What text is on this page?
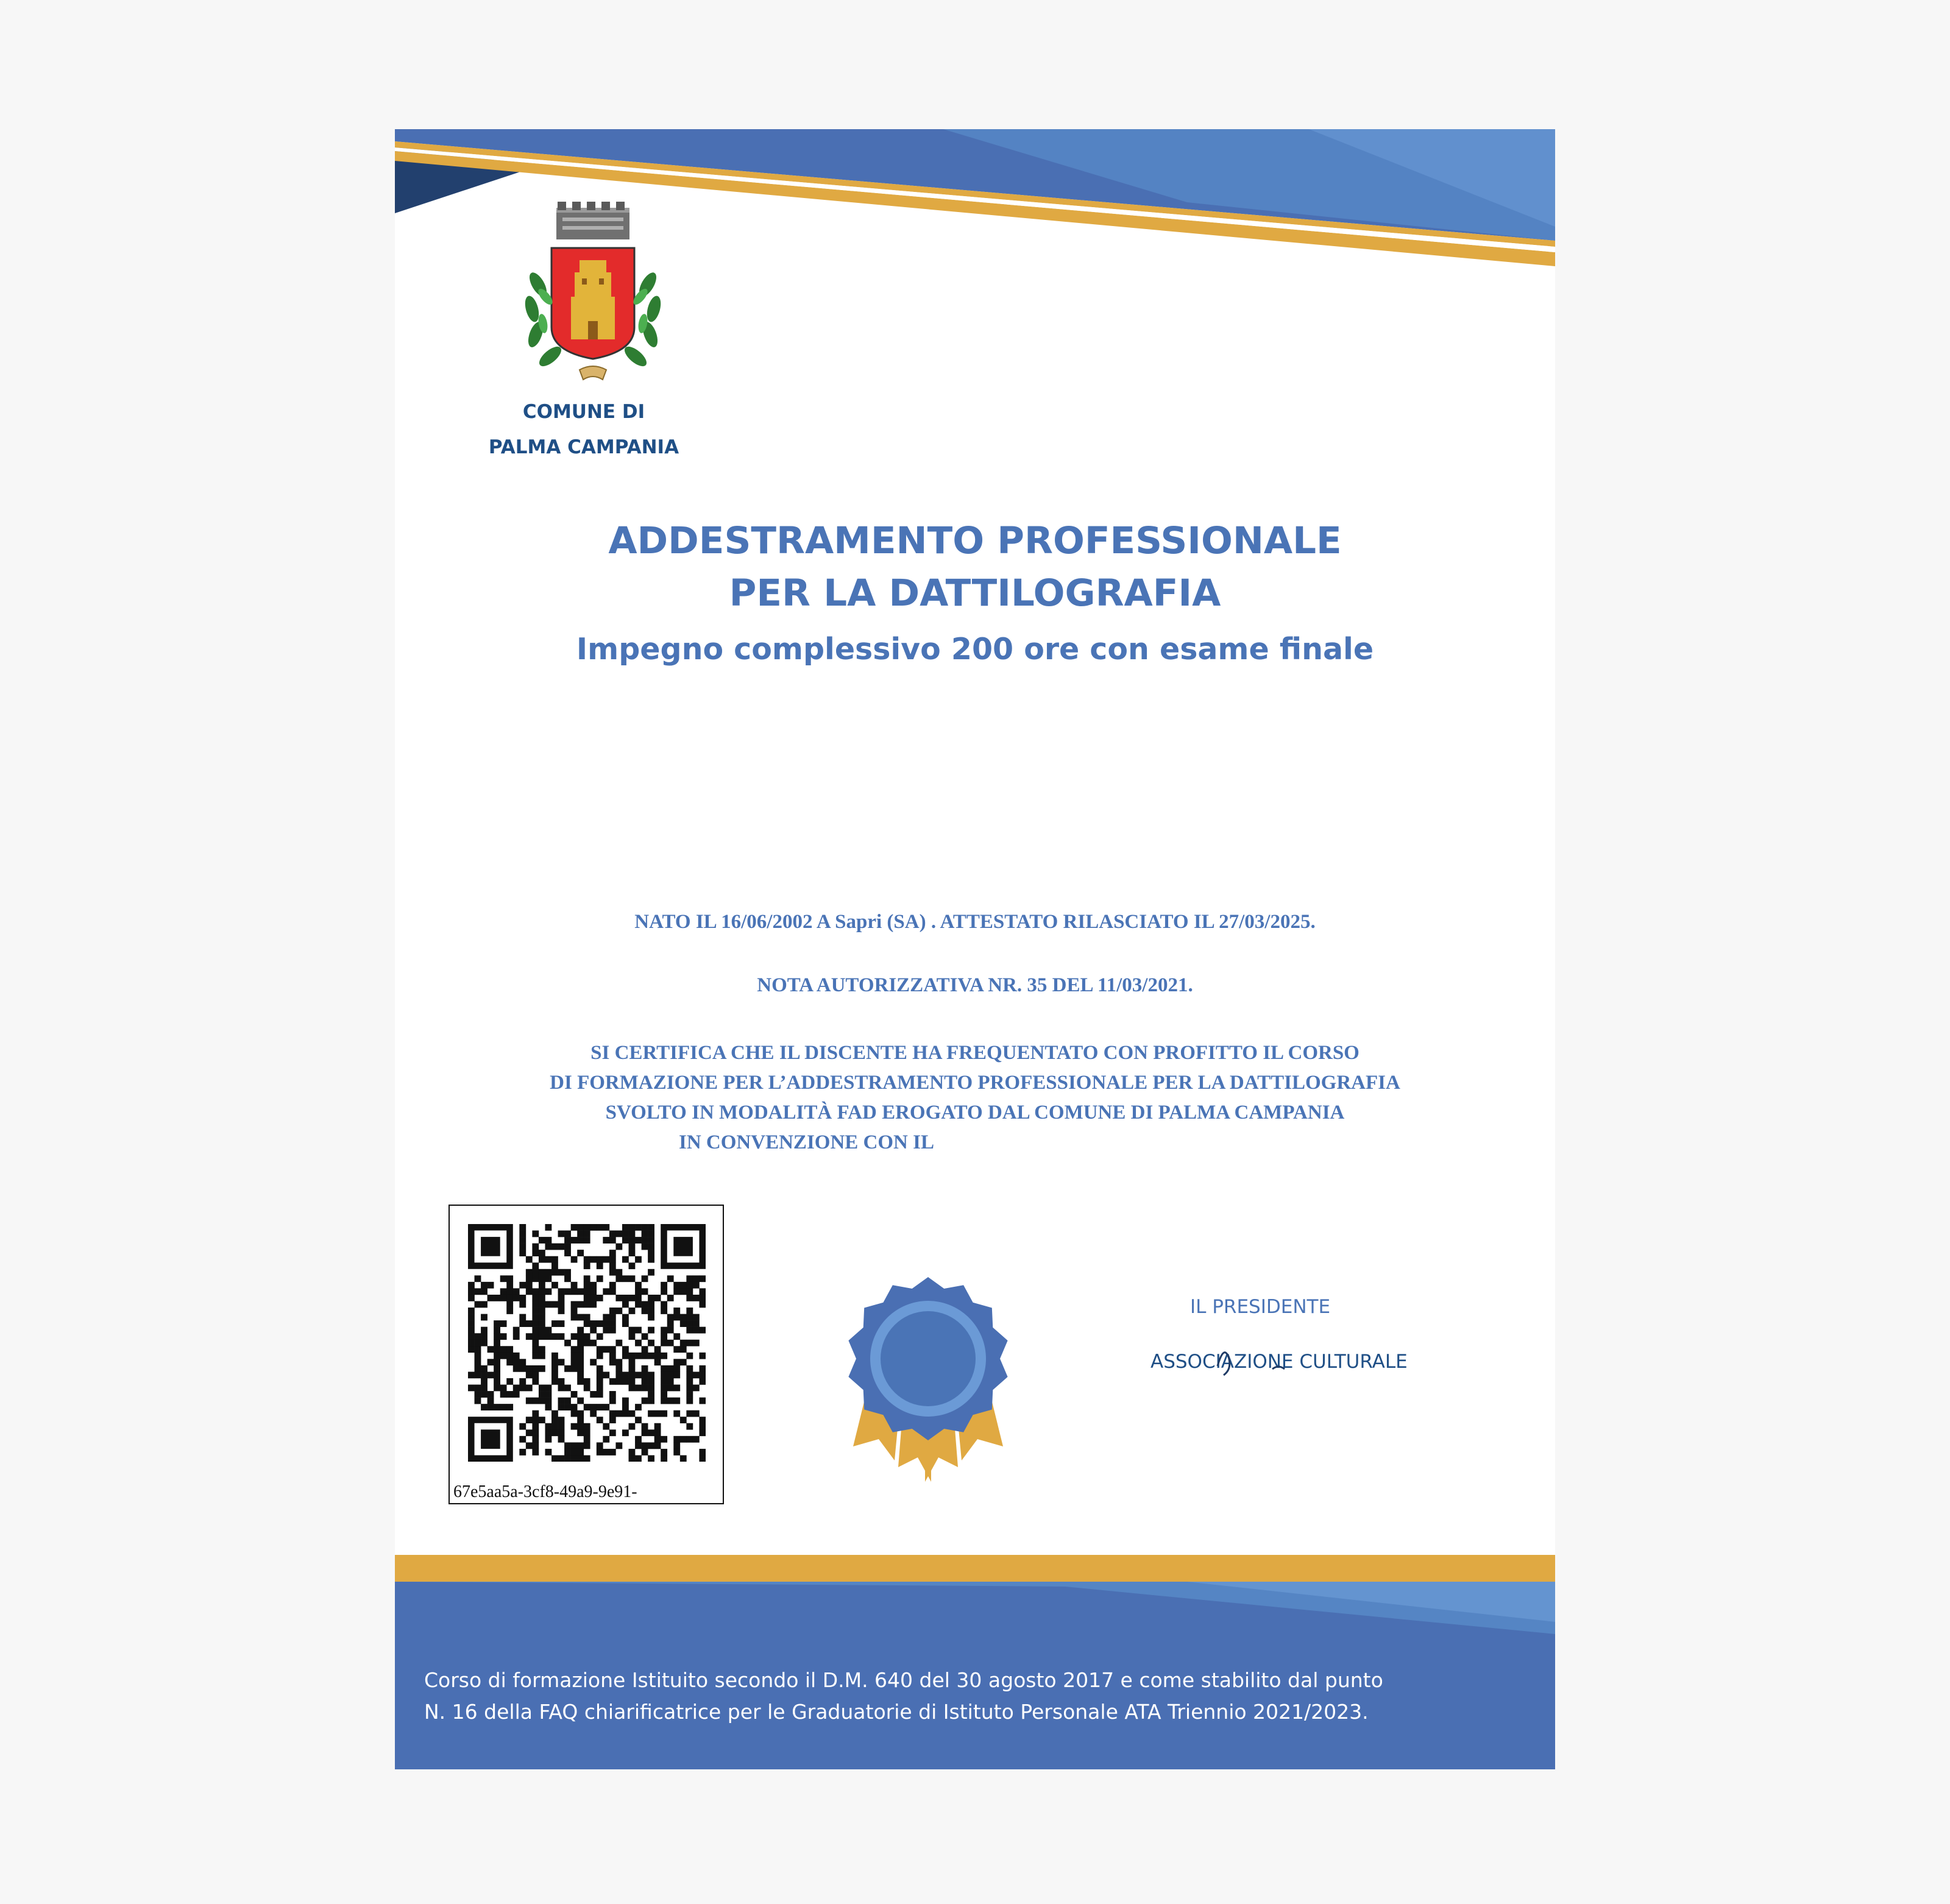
COMUNE DI
PALMA CAMPANIA
ADDESTRAMENTO PROFESSIONALE
PER LA DATTILOGRAFIA
Impegno complessivo 200 ore con esame finale
NATO IL 16/06/2002 A Sapri (SA) . ATTESTATO RILASCIATO IL 27/03/2025.
NOTA AUTORIZZATIVA NR. 35 DEL 11/03/2021.
SI CERTIFICA CHE IL DISCENTE HA FREQUENTATO CON PROFITTO IL CORSO
DI FORMAZIONE PER L’ADDESTRAMENTO PROFESSIONALE PER LA DATTILOGRAFIA
SVOLTO IN MODALITÀ FAD EROGATO DAL COMUNE DI PALMA CAMPANIA
IN CONVENZIONE CON IL
67e5aa5a-3cf8-49a9-9e91-
IL PRESIDENTE
ASSOCIAZIONE CULTURALE
Corso di formazione Istituito secondo il D.M. 640 del 30 agosto 2017 e come stabilito dal punto
N. 16 della FAQ chiarificatrice per le Graduatorie di Istituto Personale ATA Triennio 2021/2023.
